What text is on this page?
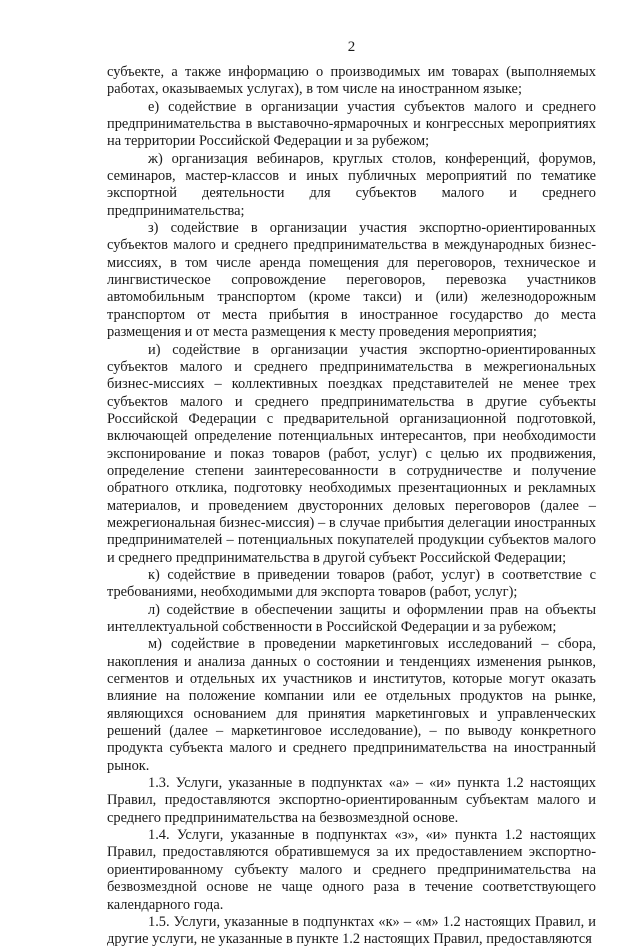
2

субъекте, а также информацию о производимых им товарах (выполняемых работах, оказываемых услугах), в том числе на иностранном языке;

е) содействие в организации участия субъектов малого и среднего предпринимательства в выставочно-ярмарочных и конгрессных мероприятиях на территории Российской Федерации и за рубежом;

ж) организация вебинаров, круглых столов, конференций, форумов, семинаров, мастер-классов и иных публичных мероприятий по тематике экспортной деятельности для субъектов малого и среднего предпринимательства;

з) содействие в организации участия экспортно-ориентированных субъектов малого и среднего предпринимательства в международных бизнес-миссиях, в том числе аренда помещения для переговоров, техническое и лингвистическое сопровождение переговоров, перевозка участников автомобильным транспортом (кроме такси) и (или) железнодорожным транспортом от места прибытия в иностранное государство до места размещения и от места размещения к месту проведения мероприятия;

и) содействие в организации участия экспортно-ориентированных субъектов малого и среднего предпринимательства в межрегиональных бизнес-миссиях – коллективных поездках представителей не менее трех субъектов малого и среднего предпринимательства в другие субъекты Российской Федерации с предварительной организационной подготовкой, включающей определение потенциальных интересантов, при необходимости экспонирование и показ товаров (работ, услуг) с целью их продвижения, определение степени заинтересованности в сотрудничестве и получение обратного отклика, подготовку необходимых презентационных и рекламных материалов, и проведением двусторонних деловых переговоров (далее – межрегиональная бизнес-миссия) – в случае прибытия делегации иностранных предпринимателей – потенциальных покупателей продукции субъектов малого и среднего предпринимательства в другой субъект Российской Федерации;

к) содействие в приведении товаров (работ, услуг) в соответствие с требованиями, необходимыми для экспорта товаров (работ, услуг);

л) содействие в обеспечении защиты и оформлении прав на объекты интеллектуальной собственности в Российской Федерации и за рубежом;

м) содействие в проведении маркетинговых исследований – сбора, накопления и анализа данных о состоянии и тенденциях изменения рынков, сегментов и отдельных их участников и институтов, которые могут оказать влияние на положение компании или ее отдельных продуктов на рынке, являющихся основанием для принятия маркетинговых и управленческих решений (далее – маркетинговое исследование), – по выводу конкретного продукта субъекта малого и среднего предпринимательства на иностранный рынок.

1.3. Услуги, указанные в подпунктах «а» – «и» пункта 1.2 настоящих Правил, предоставляются экспортно-ориентированным субъектам малого и среднего предпринимательства на безвозмездной основе.

1.4. Услуги, указанные в подпунктах «з», «и» пункта 1.2 настоящих Правил, предоставляются обратившемуся за их предоставлением экспортно-ориентированному субъекту малого и среднего предпринимательства на безвозмездной основе не чаще одного раза в течение соответствующего календарного года.

1.5. Услуги, указанные в подпунктах «к» – «м» 1.2 настоящих Правил, и другие услуги, не указанные в пункте 1.2 настоящих Правил, предоставляются
